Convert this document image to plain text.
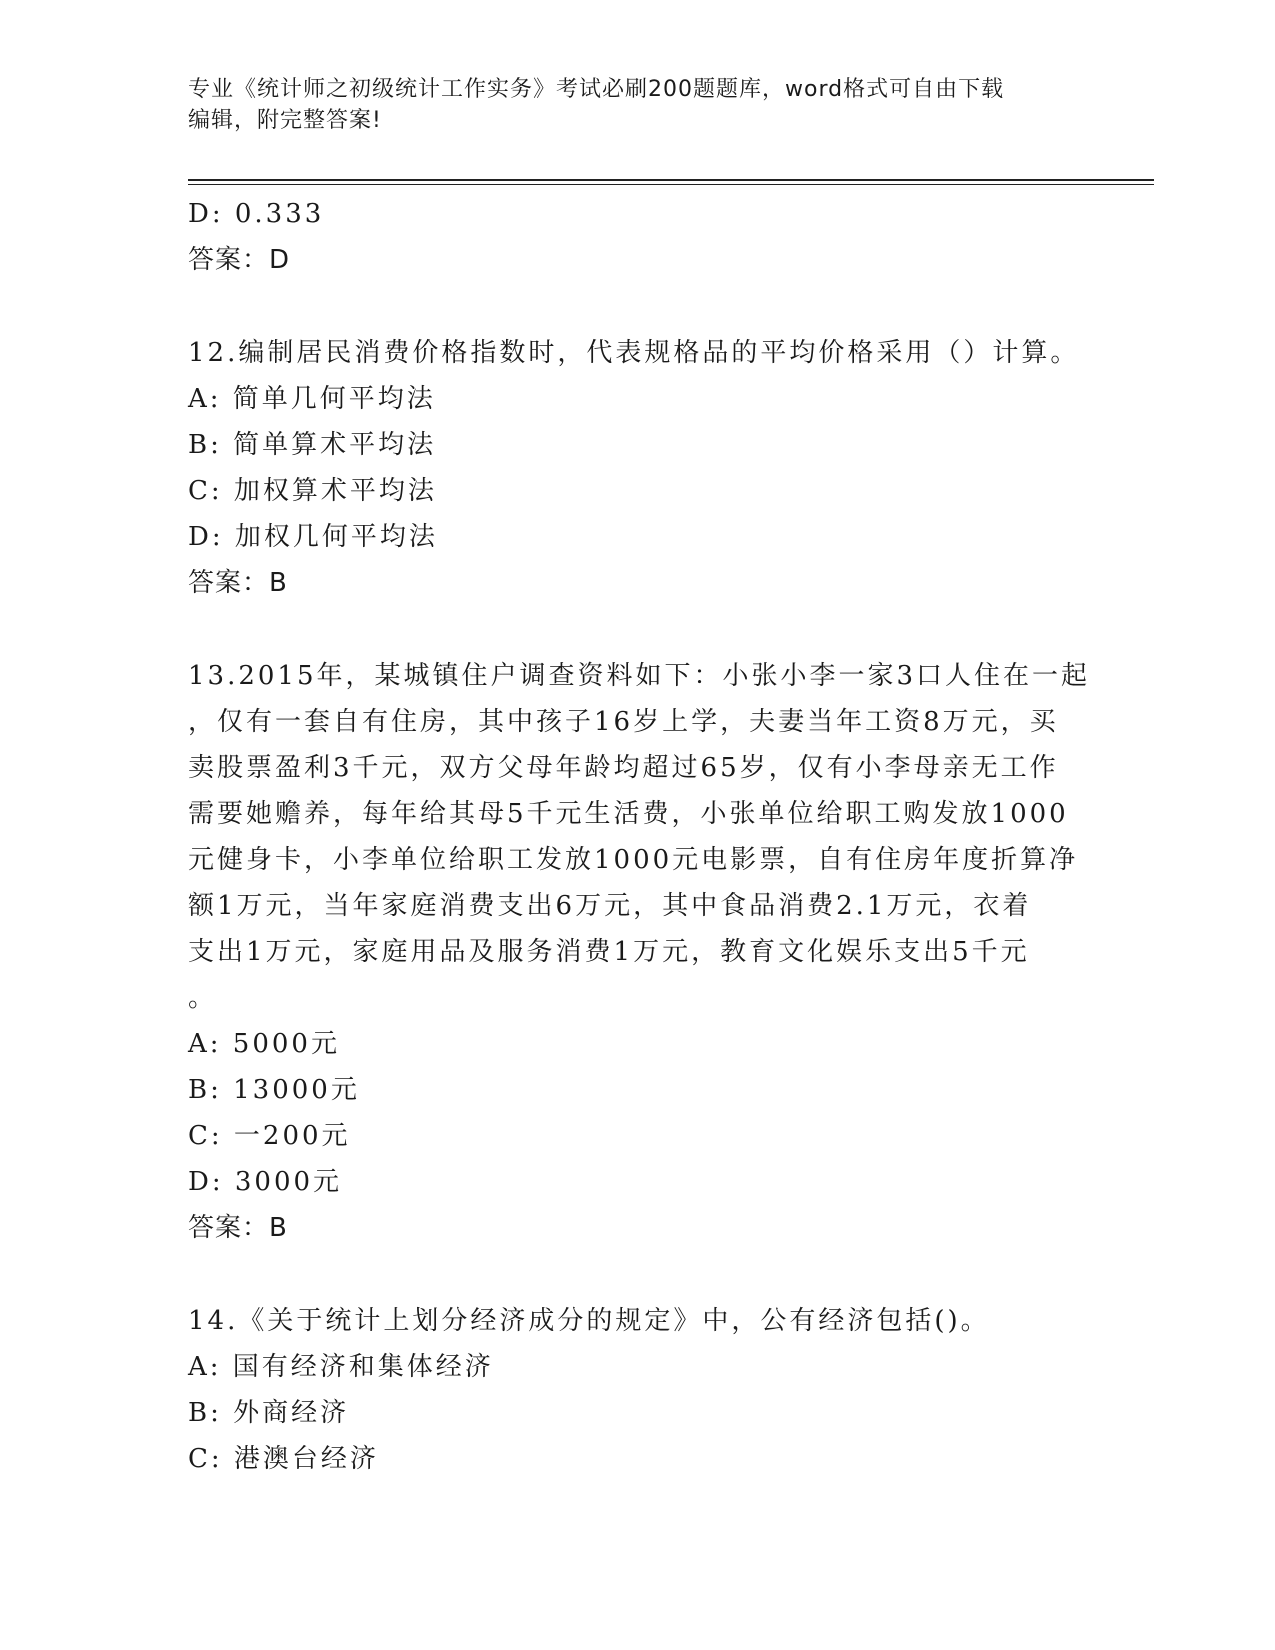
专业《统计师之初级统计工作实务》考试必刷200题题库，word格式可自由下载
编辑，附完整答案!
D: 0.333
答案：D
12.编制居民消费价格指数时，代表规格品的平均价格采用（）计算。
A: 简单几何平均法
B: 简单算术平均法
C: 加权算术平均法
D: 加权几何平均法
答案：B
13.2015年，某城镇住户调查资料如下：小张小李一家3口人住在一起
，仅有一套自有住房，其中孩子16岁上学，夫妻当年工资8万元，买
卖股票盈利3千元，双方父母年龄均超过65岁，仅有小李母亲无工作
需要她赡养，每年给其母5千元生活费，小张单位给职工购发放1000
元健身卡，小李单位给职工发放1000元电影票，自有住房年度折算净
额1万元，当年家庭消费支出6万元，其中食品消费2.1万元，衣着
支出1万元，家庭用品及服务消费1万元，教育文化娱乐支出5千元
。
A: 5000元
B: 13000元
C: 一200元
D: 3000元
答案：B
14.《关于统计上划分经济成分的规定》中，公有经济包括()。
A: 国有经济和集体经济
B: 外商经济
C: 港澳台经济
